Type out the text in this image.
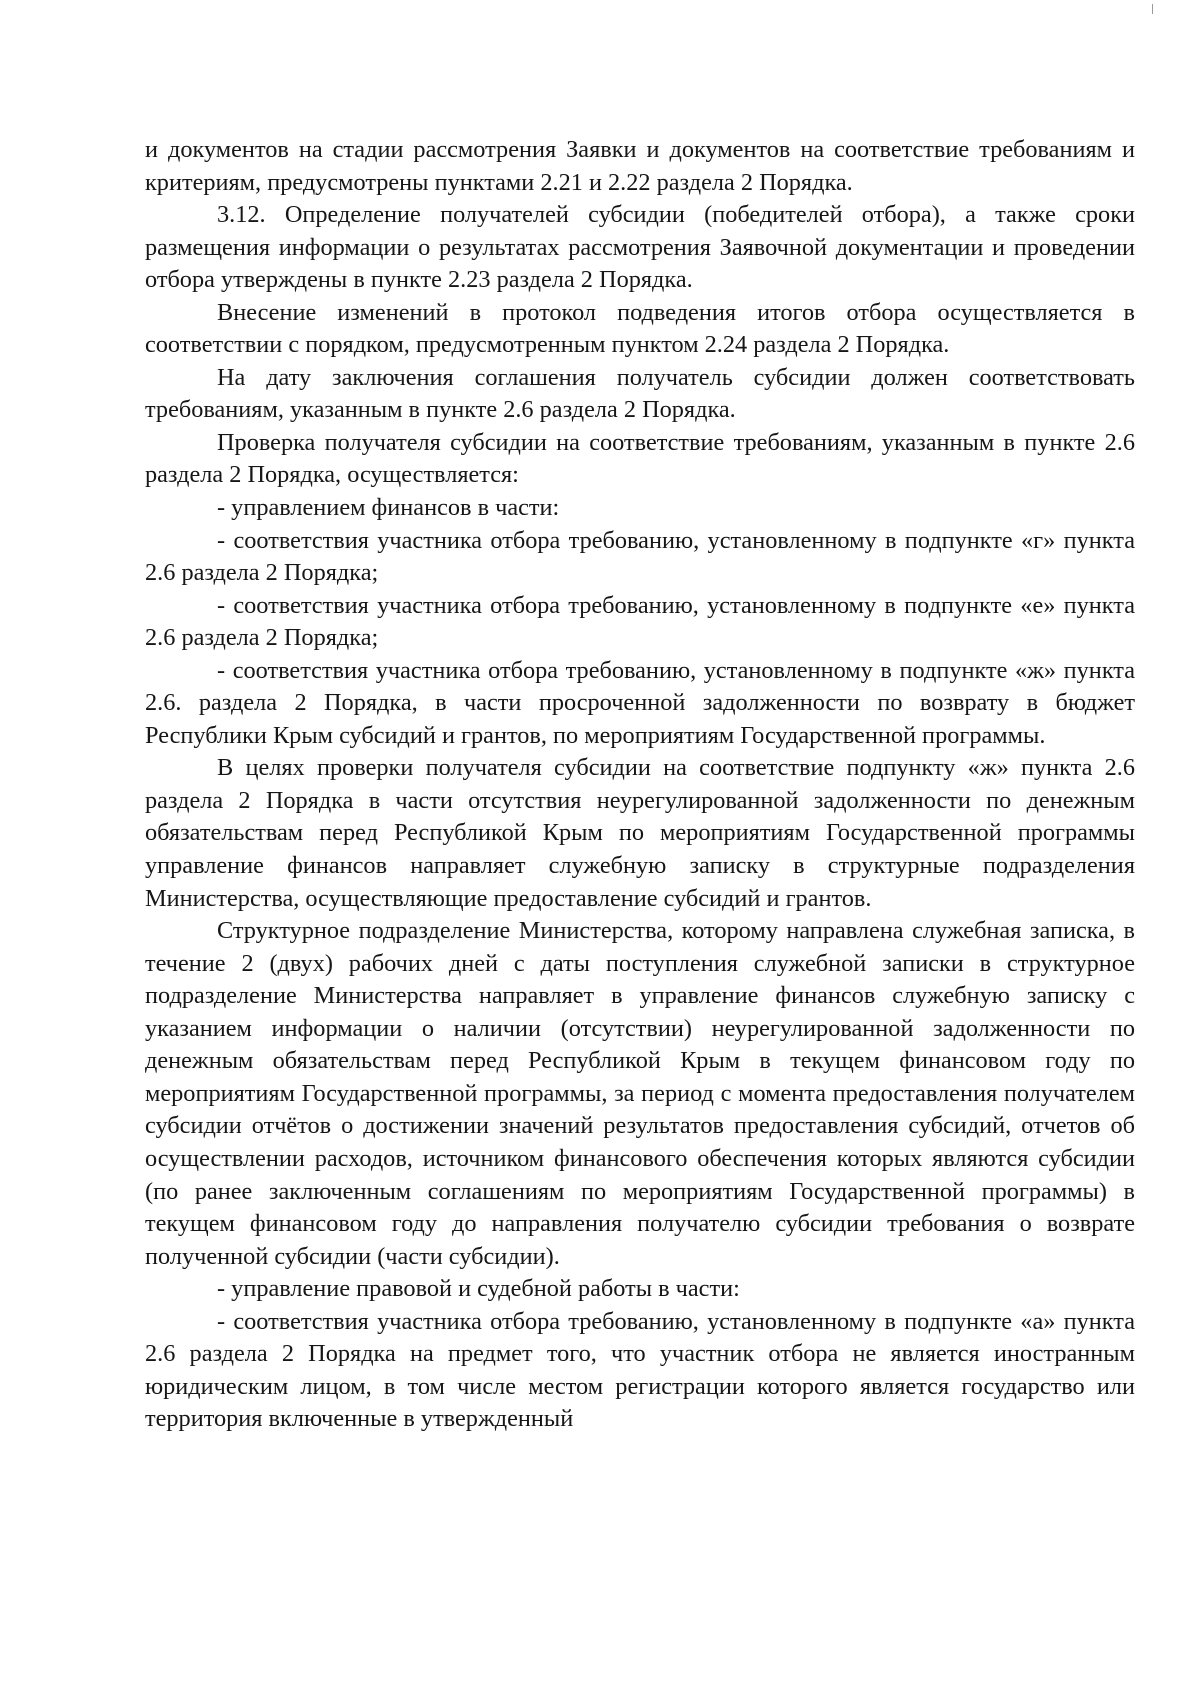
и документов на стадии рассмотрения Заявки и документов на соответствие требованиям и критериям, предусмотрены пунктами 2.21 и 2.22 раздела 2 Порядка.

3.12. Определение получателей субсидии (победителей отбора), а также сроки размещения информации о результатах рассмотрения Заявочной документации и проведении отбора утверждены в пункте 2.23 раздела 2 Порядка.

Внесение изменений в протокол подведения итогов отбора осуществляется в соответствии с порядком, предусмотренным пунктом 2.24 раздела 2 Порядка.

На дату заключения соглашения получатель субсидии должен соответствовать требованиям, указанным в пункте 2.6 раздела 2 Порядка.

Проверка получателя субсидии на соответствие требованиям, указанным в пункте 2.6 раздела 2 Порядка, осуществляется:

- управлением финансов в части:

- соответствия участника отбора требованию, установленному в подпункте «г» пункта 2.6 раздела 2 Порядка;

- соответствия участника отбора требованию, установленному в подпункте «е» пункта 2.6 раздела 2 Порядка;

- соответствия участника отбора требованию, установленному в подпункте «ж» пункта 2.6. раздела 2 Порядка, в части просроченной задолженности по возврату в бюджет Республики Крым субсидий и грантов, по мероприятиям Государственной программы.

В целях проверки получателя субсидии на соответствие подпункту «ж» пункта 2.6 раздела 2 Порядка в части отсутствия неурегулированной задолженности по денежным обязательствам перед Республикой Крым по мероприятиям Государственной программы управление финансов направляет служебную записку в структурные подразделения Министерства, осуществляющие предоставление субсидий и грантов.

Структурное подразделение Министерства, которому направлена служебная записка, в течение 2 (двух) рабочих дней с даты поступления служебной записки в структурное подразделение Министерства направляет в управление финансов служебную записку с указанием информации о наличии (отсутствии) неурегулированной задолженности по денежным обязательствам перед Республикой Крым в текущем финансовом году по мероприятиям Государственной программы, за период с момента предоставления получателем субсидии отчётов о достижении значений результатов предоставления субсидий, отчетов об осуществлении расходов, источником финансового обеспечения которых являются субсидии (по ранее заключенным соглашениям по мероприятиям Государственной программы) в текущем финансовом году до направления получателю субсидии требования о возврате полученной субсидии (части субсидии).

- управление правовой и судебной работы в части:

- соответствия участника отбора требованию, установленному в подпункте «а» пункта 2.6 раздела 2 Порядка на предмет того, что участник отбора не является иностранным юридическим лицом, в том числе местом регистрации которого является государство или территория включенные в утвержденный
